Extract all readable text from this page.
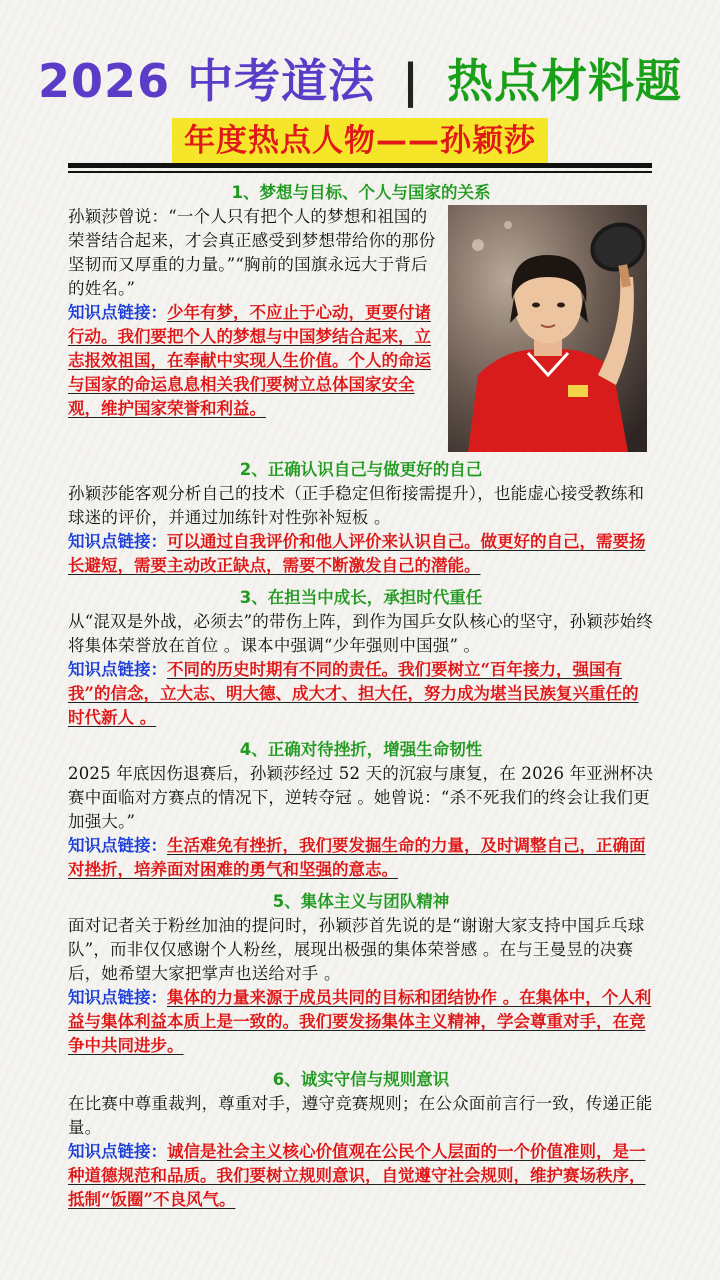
2026 中考道法 | 热点材料题
年度热点人物——孙颖莎
1、梦想与目标、个人与国家的关系
孙颖莎曾说：“一个人只有把个人的梦想和祖国的荣誉结合起来，才会真正感受到梦想带给你的那份坚韧而又厚重的力量。”“胸前的国旗永远大于背后的姓名。”
知识点链接：少年有梦，不应止于心动，更要付诸行动。我们要把个人的梦想与中国梦结合起来，立志报效祖国，在奉献中实现人生价值。个人的命运与国家的命运息息相关我们要树立总体国家安全观，维护国家荣誉和利益。
2、正确认识自己与做更好的自己
孙颖莎能客观分析自己的技术（正手稳定但衔接需提升），也能虚心接受教练和球迷的评价，并通过加练针对性弥补短板 。
知识点链接：可以通过自我评价和他人评价来认识自己。做更好的自己，需要扬长避短，需要主动改正缺点，需要不断激发自己的潜能。
3、在担当中成长，承担时代重任
从“混双是外战，必须去”的带伤上阵，到作为国乒女队核心的坚守，孙颖莎始终将集体荣誉放在首位 。课本中强调“少年强则中国强” 。
知识点链接：不同的历史时期有不同的责任。我们要树立“百年接力，强国有我”的信念，立大志、明大德、成大才、担大任，努力成为堪当民族复兴重任的时代新人 。
4、正确对待挫折，增强生命韧性
2025 年底因伤退赛后，孙颖莎经过 52 天的沉寂与康复，在 2026 年亚洲杯决赛中面临对方赛点的情况下，逆转夺冠 。她曾说：“杀不死我们的终会让我们更加强大。”
知识点链接：生活难免有挫折，我们要发掘生命的力量，及时调整自己，正确面对挫折，培养面对困难的勇气和坚强的意志。
5、集体主义与团队精神
面对记者关于粉丝加油的提问时，孙颖莎首先说的是“谢谢大家支持中国乒乓球队”，而非仅仅感谢个人粉丝，展现出极强的集体荣誉感 。在与王曼昱的决赛后，她希望大家把掌声也送给对手 。
知识点链接：集体的力量来源于成员共同的目标和团结协作 。在集体中，个人利益与集体利益本质上是一致的。我们要发扬集体主义精神，学会尊重对手，在竞争中共同进步。
6、诚实守信与规则意识
在比赛中尊重裁判，尊重对手，遵守竞赛规则；在公众面前言行一致，传递正能量。
知识点链接：诚信是社会主义核心价值观在公民个人层面的一个价值准则，是一种道德规范和品质。我们要树立规则意识，自觉遵守社会规则，维护赛场秩序，抵制“饭圈”不良风气。
